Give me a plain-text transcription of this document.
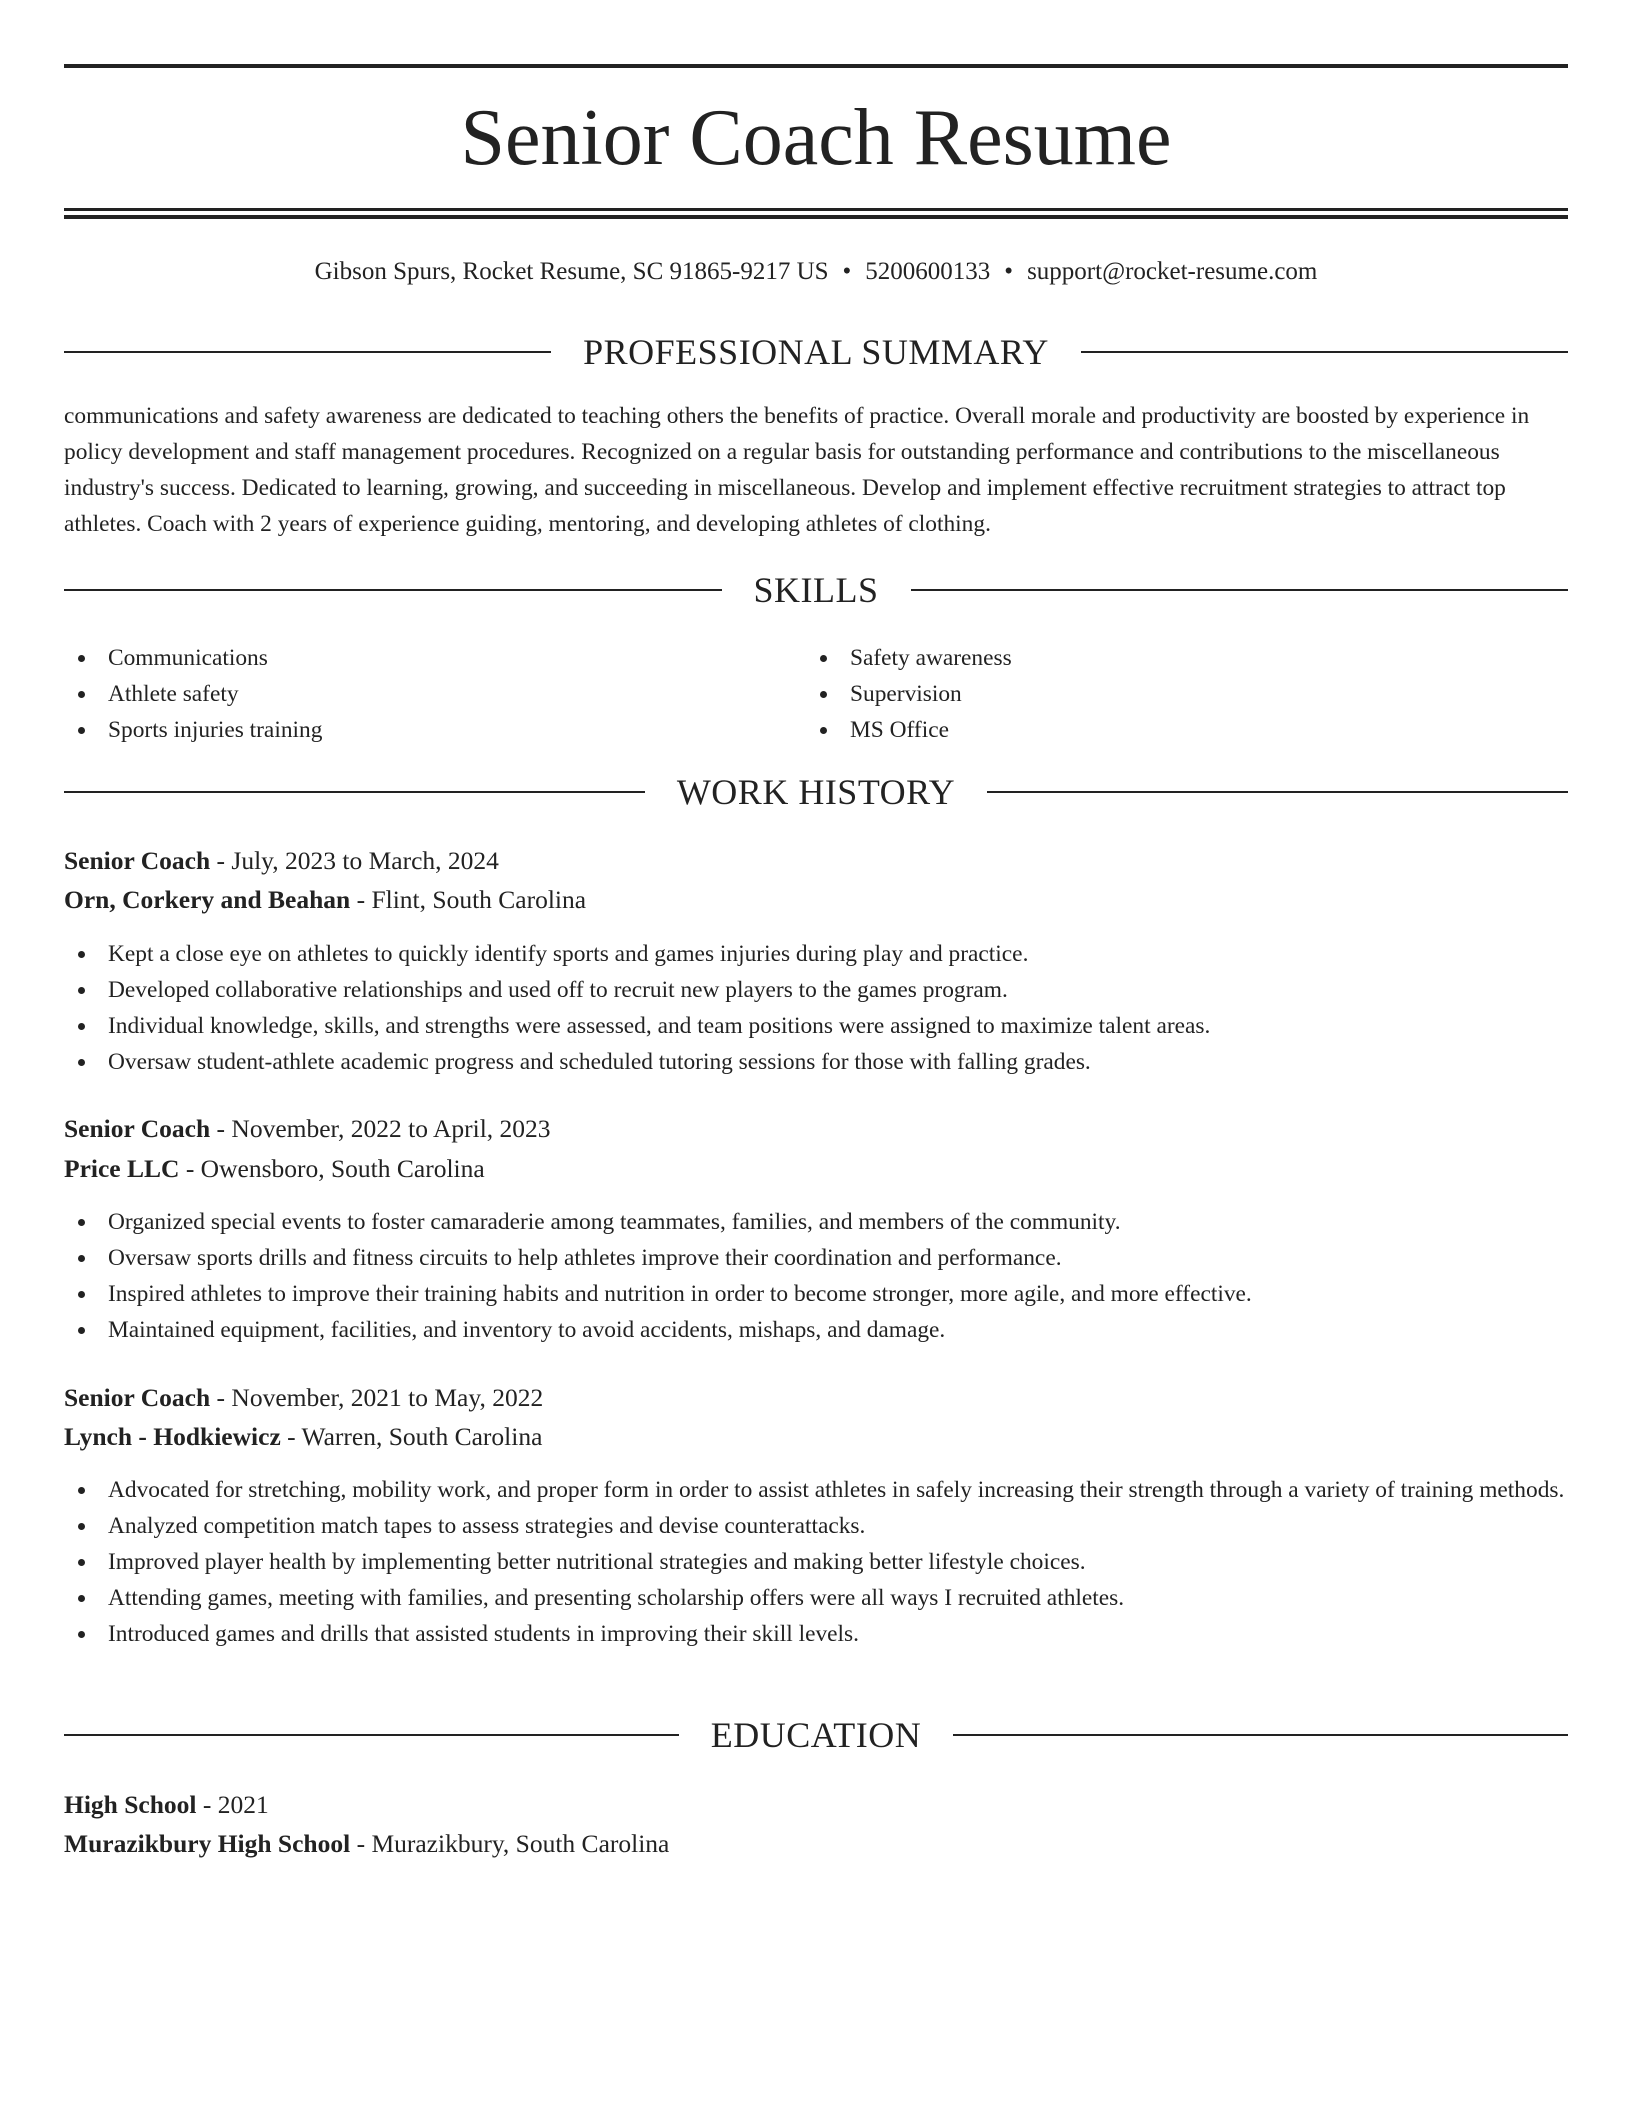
Senior Coach Resume
Gibson Spurs, Rocket Resume, SC 91865-9217 US • 5200600133 • support@rocket-resume.com
PROFESSIONAL SUMMARY

communications and safety awareness are dedicated to teaching others the benefits of practice. Overall morale and productivity are boosted by experience in policy development and staff management procedures. Recognized on a regular basis for outstanding performance and contributions to the miscellaneous industry's success. Dedicated to learning, growing, and succeeding in miscellaneous. Develop and implement effective recruitment strategies to attract top athletes. Coach with 2 years of experience guiding, mentoring, and developing athletes of clothing.

SKILLS
Communications
Athlete safety
Sports injuries training
Safety awareness
Supervision
MS Office
WORK HISTORY
Senior Coach - July, 2023 to March, 2024
Orn, Corkery and Beahan - Flint, South Carolina
Kept a close eye on athletes to quickly identify sports and games injuries during play and practice.
Developed collaborative relationships and used off to recruit new players to the games program.
Individual knowledge, skills, and strengths were assessed, and team positions were assigned to maximize talent areas.
Oversaw student-athlete academic progress and scheduled tutoring sessions for those with falling grades.
Senior Coach - November, 2022 to April, 2023
Price LLC - Owensboro, South Carolina
Organized special events to foster camaraderie among teammates, families, and members of the community.
Oversaw sports drills and fitness circuits to help athletes improve their coordination and performance.
Inspired athletes to improve their training habits and nutrition in order to become stronger, more agile, and more effective.
Maintained equipment, facilities, and inventory to avoid accidents, mishaps, and damage.
Senior Coach - November, 2021 to May, 2022
Lynch - Hodkiewicz - Warren, South Carolina
Advocated for stretching, mobility work, and proper form in order to assist athletes in safely increasing their strength through a variety of training methods.
Analyzed competition match tapes to assess strategies and devise counterattacks.
Improved player health by implementing better nutritional strategies and making better lifestyle choices.
Attending games, meeting with families, and presenting scholarship offers were all ways I recruited athletes.
Introduced games and drills that assisted students in improving their skill levels.
EDUCATION
High School - 2021
Murazikbury High School - Murazikbury, South Carolina
